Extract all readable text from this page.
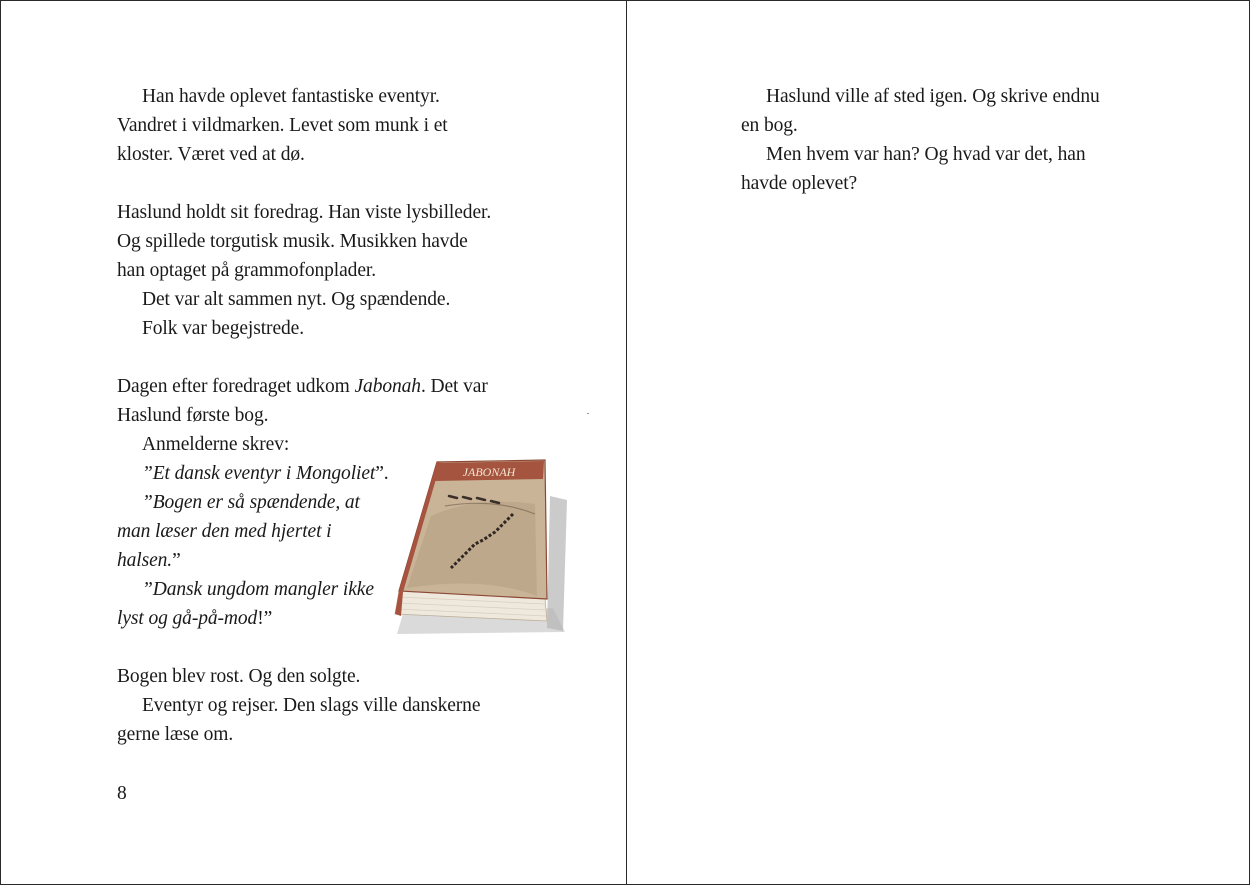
Han havde oplevet fantastiske eventyr.

Vandret i vildmarken. Levet som munk i et

kloster. Været ved at dø.

Haslund holdt sit foredrag. Han viste lysbilleder.

Og spillede torgutisk musik. Musikken havde

han optaget på grammofonplader.

Det var alt sammen nyt. Og spændende.

Folk var begejstrede.

Dagen efter foredraget udkom Jabonah. Det var

Haslund første bog.

Anmelderne skrev:

”Et dansk eventyr i Mongoliet”.

”Bogen er så spændende, at

man læser den med hjertet i

halsen.”

”Dansk ungdom mangler ikke

lyst og gå-på-mod!”

Bogen blev rost. Og den solgte.

Eventyr og rejser. Den slags ville danskerne

gerne læse om.

JABONAH
8

Haslund ville af sted igen. Og skrive endnu

en bog.

Men hvem var han? Og hvad var det, han

havde oplevet?
